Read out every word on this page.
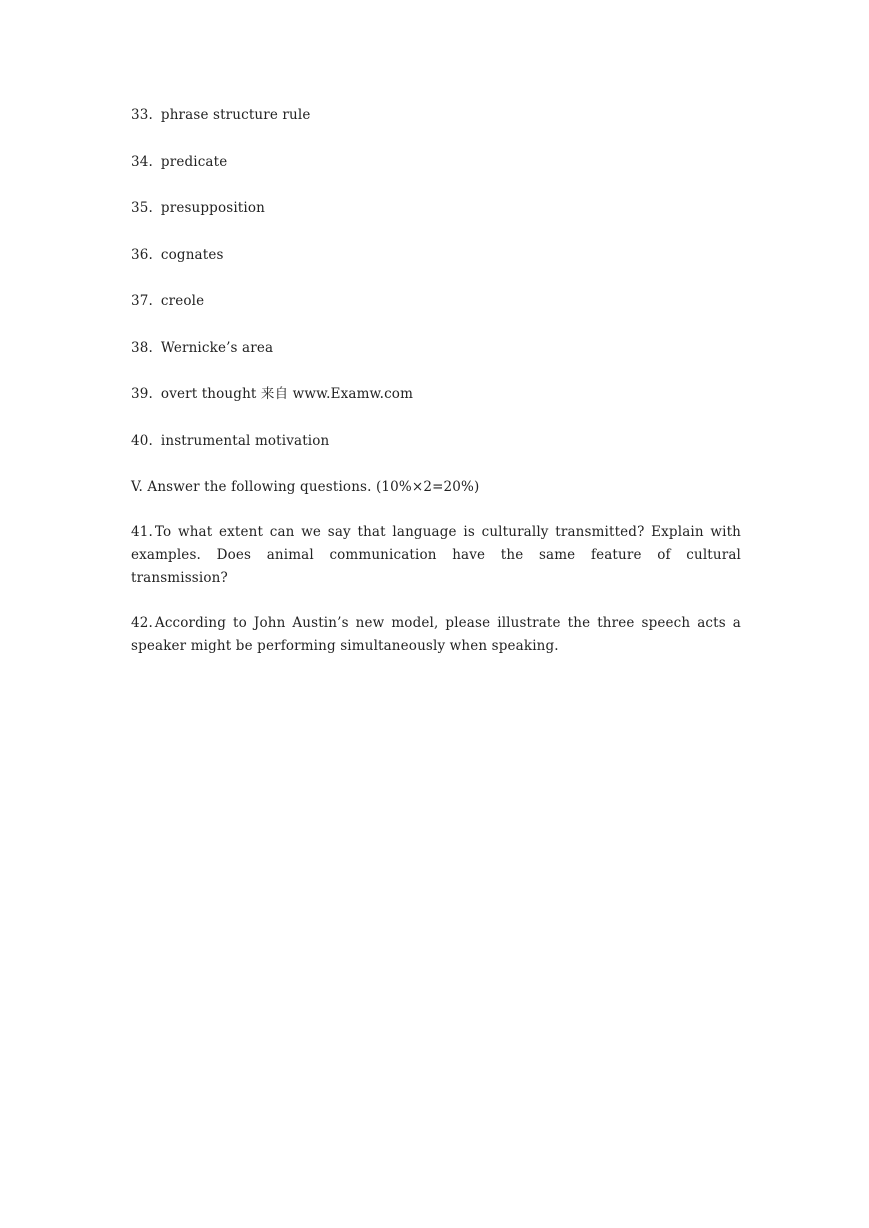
33. phrase structure rule
34. predicate
35. presupposition
36. cognates
37. creole
38. Wernicke’s area
39. overt thought 来自 www.Examw.com
40. instrumental motivation
V. Answer the following questions. (10%×2=20%)
41. To what extent can we say that language is culturally transmitted? Explain with examples. Does animal communication have the same feature of cultural transmission?
42. According to John Austin’s new model, please illustrate the three speech acts a speaker might be performing simultaneously when speaking.
